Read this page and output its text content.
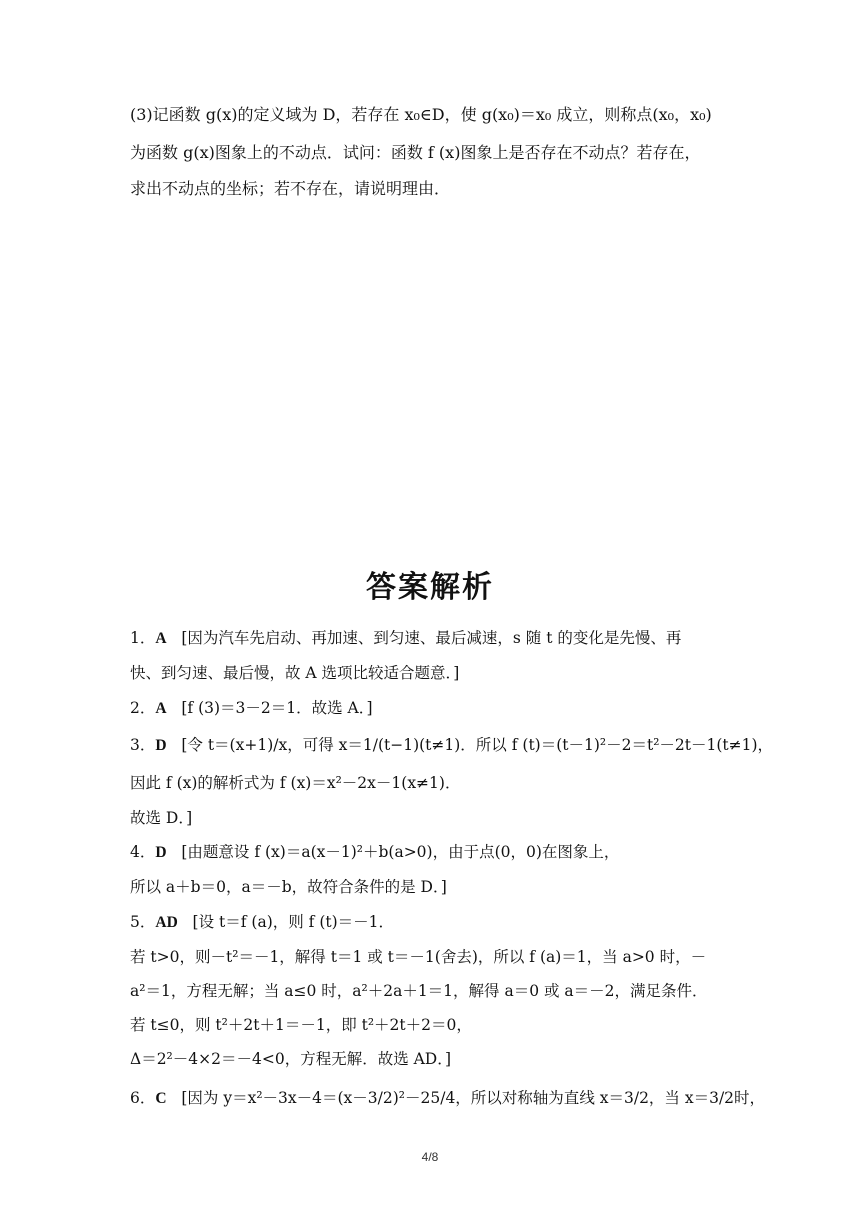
(3)记函数 g(x)的定义域为 D，若存在 x₀∈D，使 g(x₀)＝x₀ 成立，则称点(x₀，x₀)
为函数 g(x)图象上的不动点．试问：函数 f (x)图象上是否存在不动点？若存在，
求出不动点的坐标；若不存在，请说明理由．
答案解析
1．A [因为汽车先启动、再加速、到匀速、最后减速，s 随 t 的变化是先慢、再
快、到匀速、最后慢，故 A 选项比较适合题意．]
2．A [f (3)＝3－2＝1．故选 A．]
3．D [令 t＝(x+1)/x，可得 x＝1/(t−1)(t≠1)．所以 f (t)＝(t－1)²－2＝t²－2t－1(t≠1)，
因此 f (x)的解析式为 f (x)＝x²－2x－1(x≠1)．
故选 D．]
4．D [由题意设 f (x)＝a(x－1)²＋b(a>0)，由于点(0，0)在图象上，
所以 a＋b＝0，a＝－b，故符合条件的是 D．]
5．AD [设 t＝f (a)，则 f (t)＝－1．
若 t>0，则－t²＝－1，解得 t＝1 或 t＝－1(舍去)，所以 f (a)＝1，当 a>0 时，－
a²＝1，方程无解；当 a≤0 时，a²＋2a＋1＝1，解得 a＝0 或 a＝－2，满足条件．
若 t≤0，则 t²＋2t＋1＝－1，即 t²＋2t＋2＝0，
Δ＝2²－4×2＝－4<0，方程无解．故选 AD．]
6．C [因为 y＝x²－3x－4＝(x－3/2)²－25/4，所以对称轴为直线 x＝3/2，当 x＝3/2时，
4/8
